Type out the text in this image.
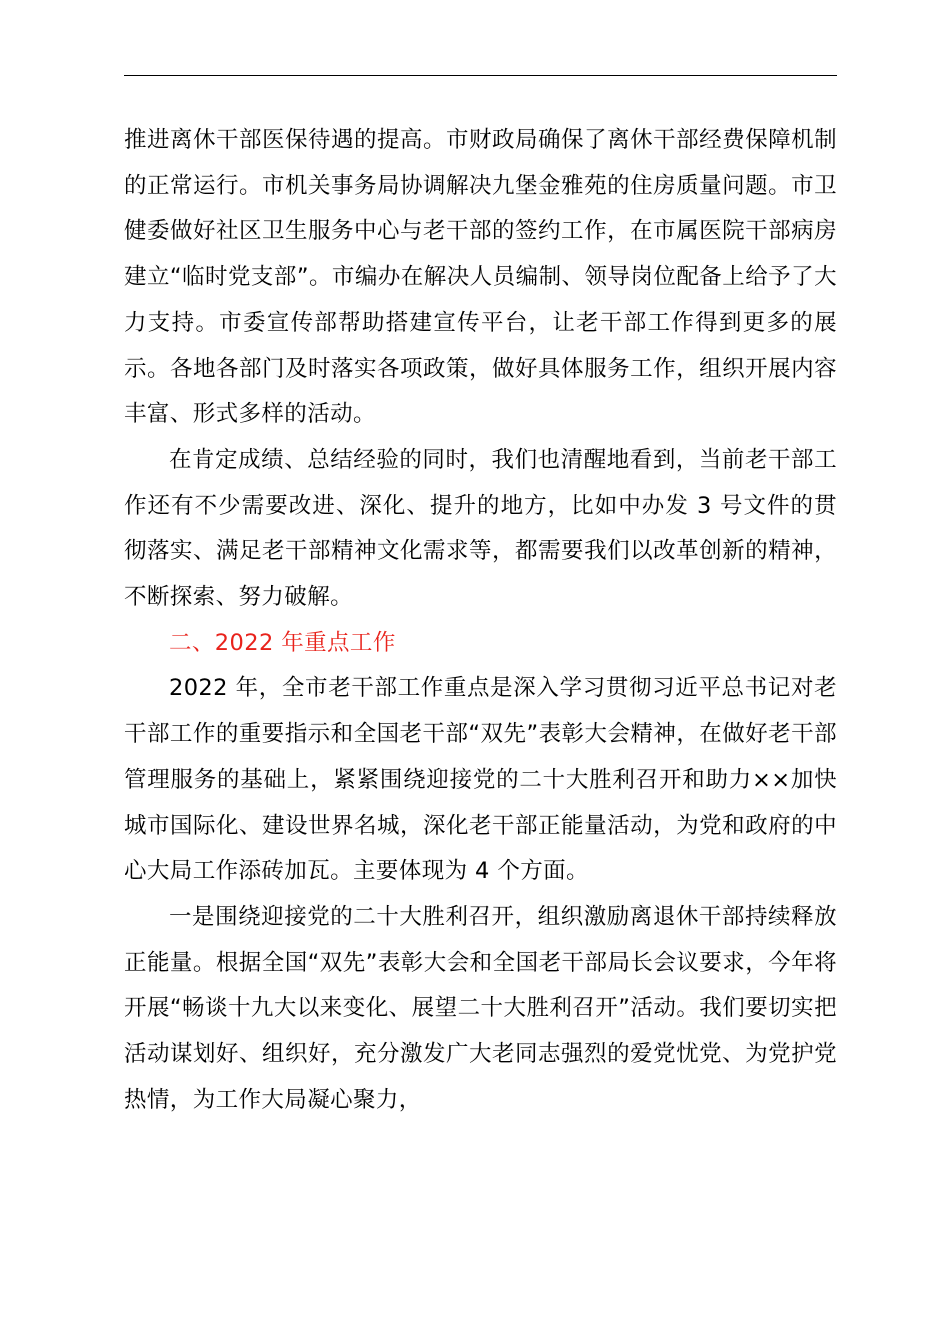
推进离休干部医保待遇的提高。市财政局确保了离休干部经费保障机制的正常运行。市机关事务局协调解决九堡金雅苑的住房质量问题。市卫健委做好社区卫生服务中心与老干部的签约工作，在市属医院干部病房建立“临时党支部”。市编办在解决人员编制、领导岗位配备上给予了大力支持。市委宣传部帮助搭建宣传平台，让老干部工作得到更多的展示。各地各部门及时落实各项政策，做好具体服务工作，组织开展内容丰富、形式多样的活动。

在肯定成绩、总结经验的同时，我们也清醒地看到，当前老干部工作还有不少需要改进、深化、提升的地方，比如中办发 3 号文件的贯彻落实、满足老干部精神文化需求等，都需要我们以改革创新的精神，不断探索、努力破解。

二、2022 年重点工作

2022 年，全市老干部工作重点是深入学习贯彻习近平总书记对老干部工作的重要指示和全国老干部“双先”表彰大会精神，在做好老干部管理服务的基础上，紧紧围绕迎接党的二十大胜利召开和助力××加快城市国际化、建设世界名城，深化老干部正能量活动，为党和政府的中心大局工作添砖加瓦。主要体现为 4 个方面。

一是围绕迎接党的二十大胜利召开，组织激励离退休干部持续释放正能量。根据全国“双先”表彰大会和全国老干部局长会议要求，今年将开展“畅谈十九大以来变化、展望二十大胜利召开”活动。我们要切实把活动谋划好、组织好，充分激发广大老同志强烈的爱党忧党、为党护党热情，为工作大局凝心聚力，
